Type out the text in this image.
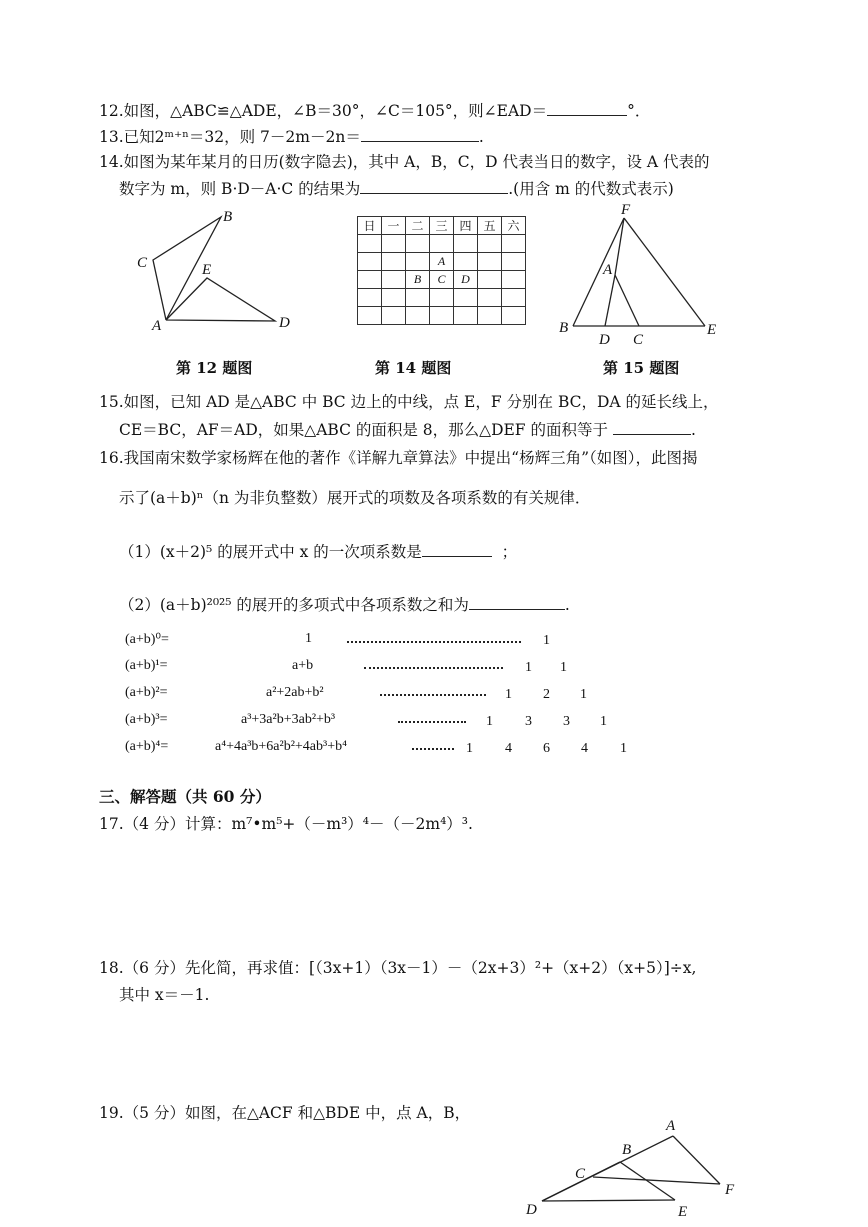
12.如图，△ABC≌△ADE，∠B＝30°，∠C＝105°，则∠EAD＝	°．
13.已知2ᵐ⁺ⁿ＝32，则 7－2m－2n＝	.
14.如图为某年某月的日历(数字隐去)，其中 A，B，C，D 代表当日的数字，设 A 代表的
数字为 m，则 B·D－A·C 的结果为	.(用含 m 的代数式表示)
B
C	E
A	D
第 12 题图
日	一	二	三	四	五	六

			A			
		B	C	D		

第 14 题图
F
A
B
D C
E
第 15 题图
15.如图，已知 AD 是△ABC 中 BC 边上的中线，点 E，F 分别在 BC，DA 的延长线上，
CE＝BC，AF＝AD，如果△ABC 的面积是 8，那么△DEF 的面积等于	.
16.我国南宋数学家杨辉在他的著作《详解九章算法》中提出“杨辉三角”（如图），此图揭
示了(a＋b)ⁿ（n 为非负整数）展开式的项数及各项系数的有关规律．
（1）(x＋2)⁵ 的展开式中 x 的一次项系数是	；
（2）(a＋b)²⁰²⁵ 的展开的多项式中各项系数之和为	.
(a+b)⁰=	1	1
(a+b)¹=	a+b	1 1
(a+b)²=	a²+2ab+b²	1 2 1
(a+b)³=	a³+3a²b+3ab²+b³	1 3 3 1
(a+b)⁴=	a⁴+4a³b+6a²b²+4ab³+b⁴	1 4 6 4 1
三、解答题（共 60 分）
17.（4 分）计算：m⁷•m⁵+（－m³）⁴－（－2m⁴）³.
18.（6 分）先化简，再求值：[（3x+1）（3x－1）－（2x+3）²+（x+2）（x+5）]÷x,
其中 x＝－1.
19.（5 分）如图，在△ACF 和△BDE 中，点 A，B，
A
B
C
F
D	E
